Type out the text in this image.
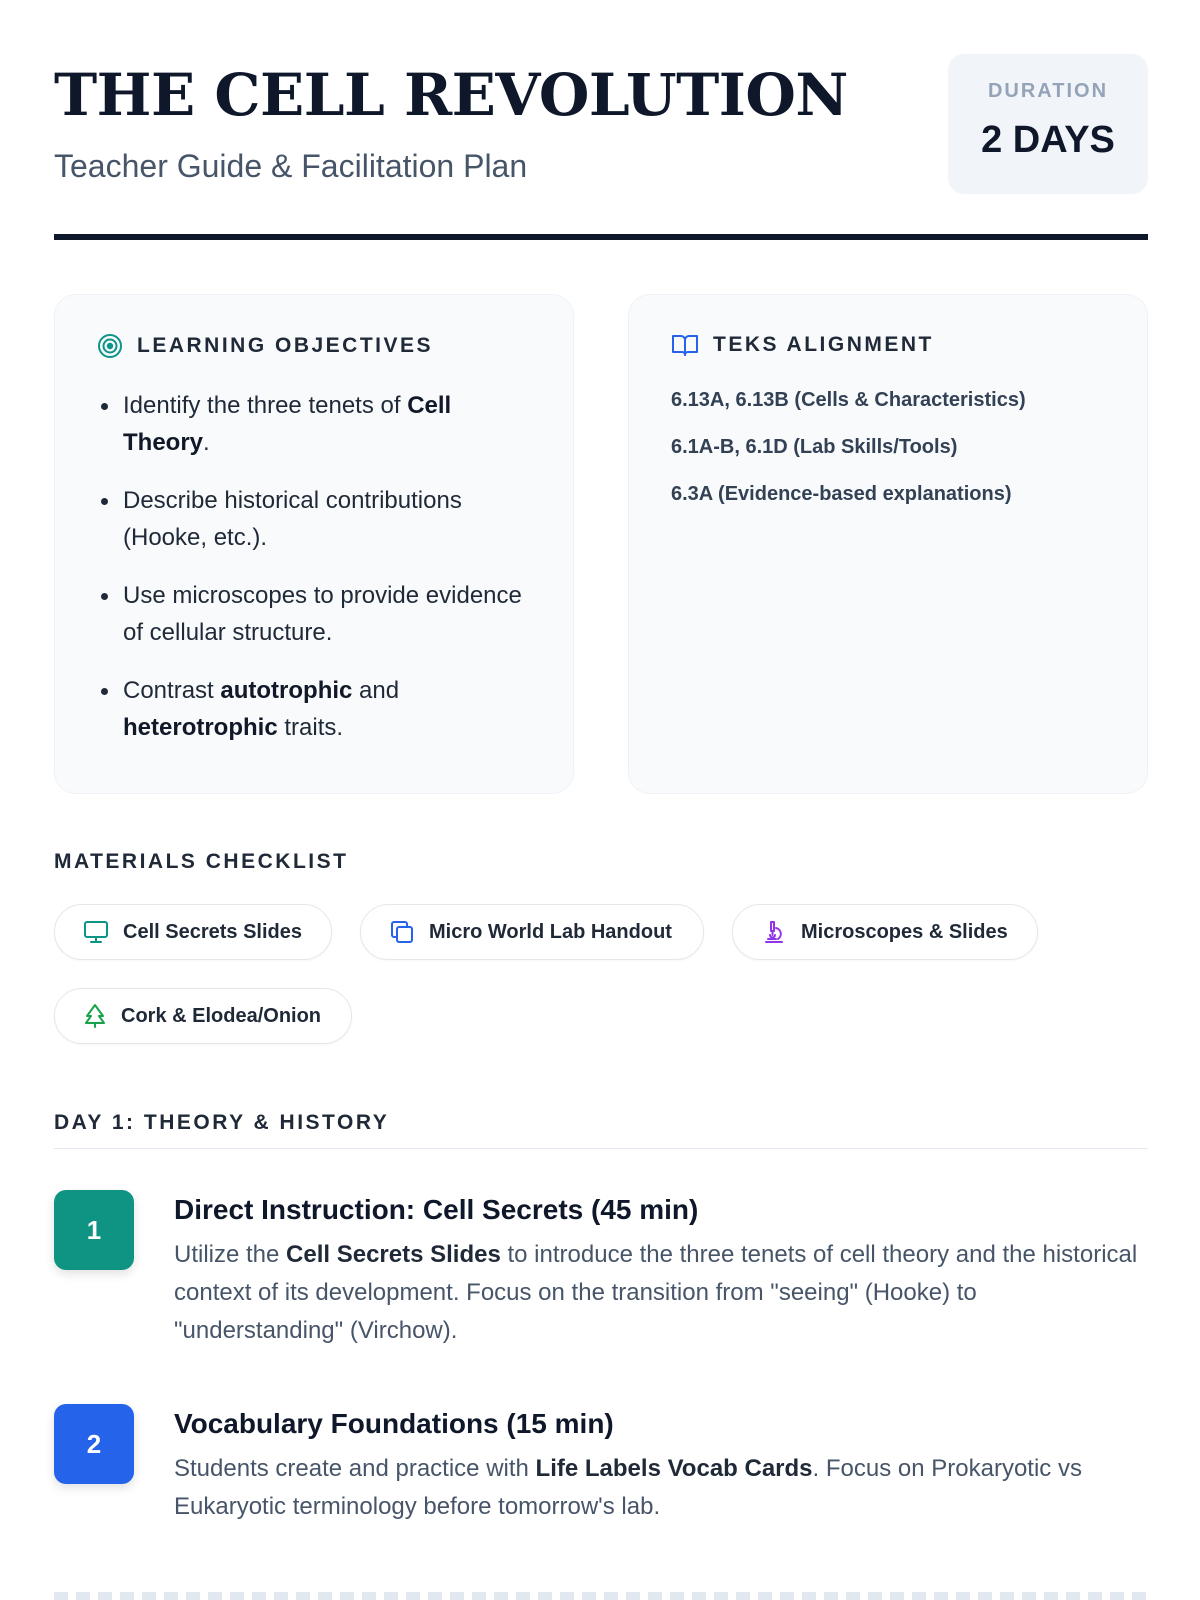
THE CELL REVOLUTION
Teacher Guide & Facilitation Plan
DURATION
2 DAYS
LEARNING OBJECTIVES
Identify the three tenets of Cell Theory.
Describe historical contributions (Hooke, etc.).
Use microscopes to provide evidence of cellular structure.
Contrast autotrophic and heterotrophic traits.
TEKS ALIGNMENT
6.13A, 6.13B (Cells & Characteristics)
6.1A-B, 6.1D (Lab Skills/Tools)
6.3A (Evidence-based explanations)
MATERIALS CHECKLIST
Cell Secrets Slides	Micro World Lab Handout	Microscopes & Slides
Cork & Elodea/Onion
DAY 1: THEORY & HISTORY
1
Direct Instruction: Cell Secrets (45 min)
Utilize the Cell Secrets Slides to introduce the three tenets of cell theory and the historical context of its development. Focus on the transition from "seeing" (Hooke) to "understanding" (Virchow).
2
Vocabulary Foundations (15 min)
Students create and practice with Life Labels Vocab Cards. Focus on Prokaryotic vs Eukaryotic terminology before tomorrow's lab.
